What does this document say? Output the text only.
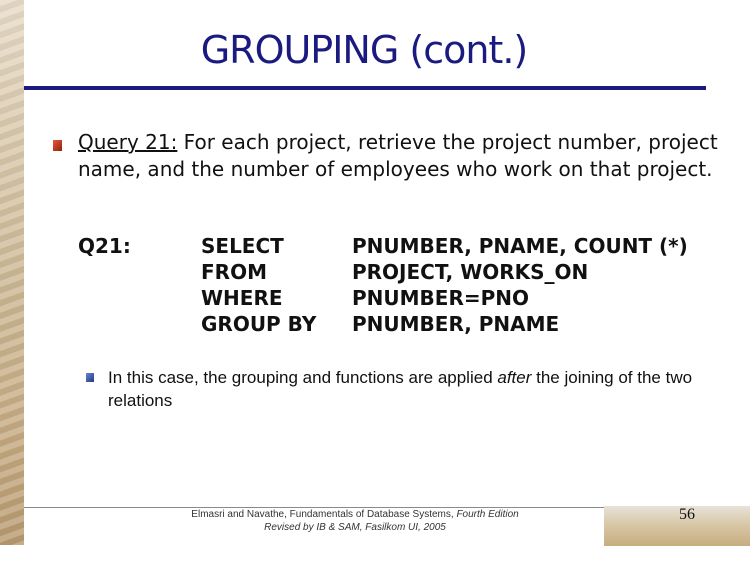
GROUPING (cont.)
Query 21: For each project, retrieve the project number, project name, and the number of employees who work on that project.
Q21:	SELECT
FROM
WHERE
GROUP BY
PNUMBER, PNAME, COUNT (*)
PROJECT, WORKS_ON
PNUMBER=PNO
PNUMBER, PNAME
In this case, the grouping and functions are applied after the joining of the two relations
Elmasri and Navathe, Fundamentals of Database Systems, Fourth Edition
Revised by IB & SAM, Fasilkom UI, 2005
56
